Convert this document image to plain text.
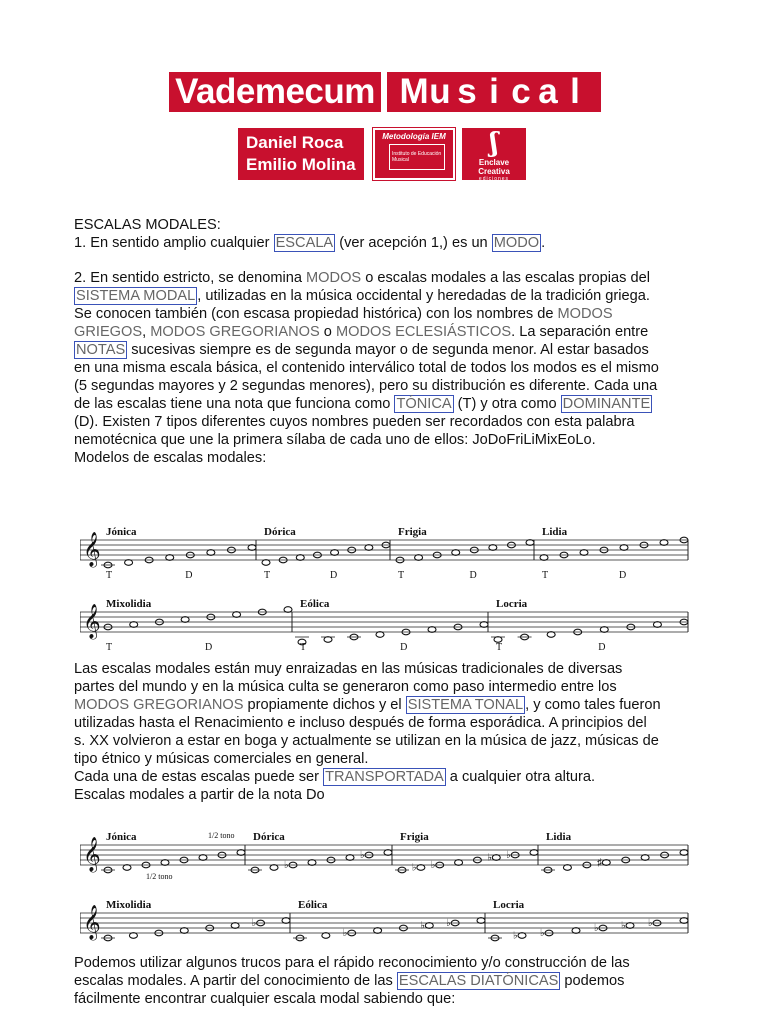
Vademecum M u s i c a l
Daniel Roca
Emilio Molina
Metodología IEM
Instituto de Educación Musical
ʃ
Enclave Creativa
ediciones
ESCALAS MODALES:
1. En sentido amplio cualquier ESCALA (ver acepción 1,) es un MODO .
2. En sentido estricto, se denomina MODOS o escalas modales a las escalas propias del
SISTEMA MODAL , utilizadas en la música occidental y heredadas de la tradición griega.
Se conocen también (con escasa propiedad histórica) con los nombres de MODOS
GRIEGOS, MODOS GREGORIANOS o MODOS ECLESIÁSTICOS. La separación entre
NOTAS sucesivas siempre es de segunda mayor o de segunda menor. Al estar basados
en una misma escala básica, el contenido interválico total de todos los modos es el mismo
(5 segundas mayores y 2 segundas menores), pero su distribución es diferente. Cada una
de las escalas tiene una nota que funciona como TÓNICA (T) y otra como DOMINANTE
(D). Existen 7 tipos diferentes cuyos nombres pueden ser recordados con esta palabra
nemotécnica que une la primera sílaba de cada uno de ellos: JoDoFriLiMixEoLo.
Modelos de escalas modales:
𝄞
Jónica
T	D
Dórica
T	D
Frigia
T	D
Lidia
T	D
𝄞
Mixolidia
T	D
Eólica
T	D
Locria
T	D
Las escalas modales están muy enraizadas en las músicas tradicionales de diversas
partes del mundo y en la música culta se generaron como paso intermedio entre los
MODOS GREGORIANOS propiamente dichos y el SISTEMA TONAL , y como tales fueron
utilizadas hasta el Renacimiento e incluso después de forma esporádica. A principios del
s. XX volvieron a estar en boga y actualmente se utilizan en la música de jazz, músicas de
tipo étnico y músicas comerciales en general.
Cada una de estas escalas puede ser TRANSPORTADA a cualquier otra altura.
Escalas modales a partir de la nota Do
𝄞
Jónica	Dórica
♭
♭
Frigia
♭ ♭
♭ ♭
Lidia
♯
1/2 tono
1/2 tono
𝄞
Mixolidia
♭
Eólica
♭
♭ ♭
Locria
♭ ♭	♭ ♭ ♭
Podemos utilizar algunos trucos para el rápido reconocimiento y/o construcción de las
escalas modales. A partir del conocimiento de las ESCALAS DIATÓNICAS podemos
fácilmente encontrar cualquier escala modal sabiendo que:
